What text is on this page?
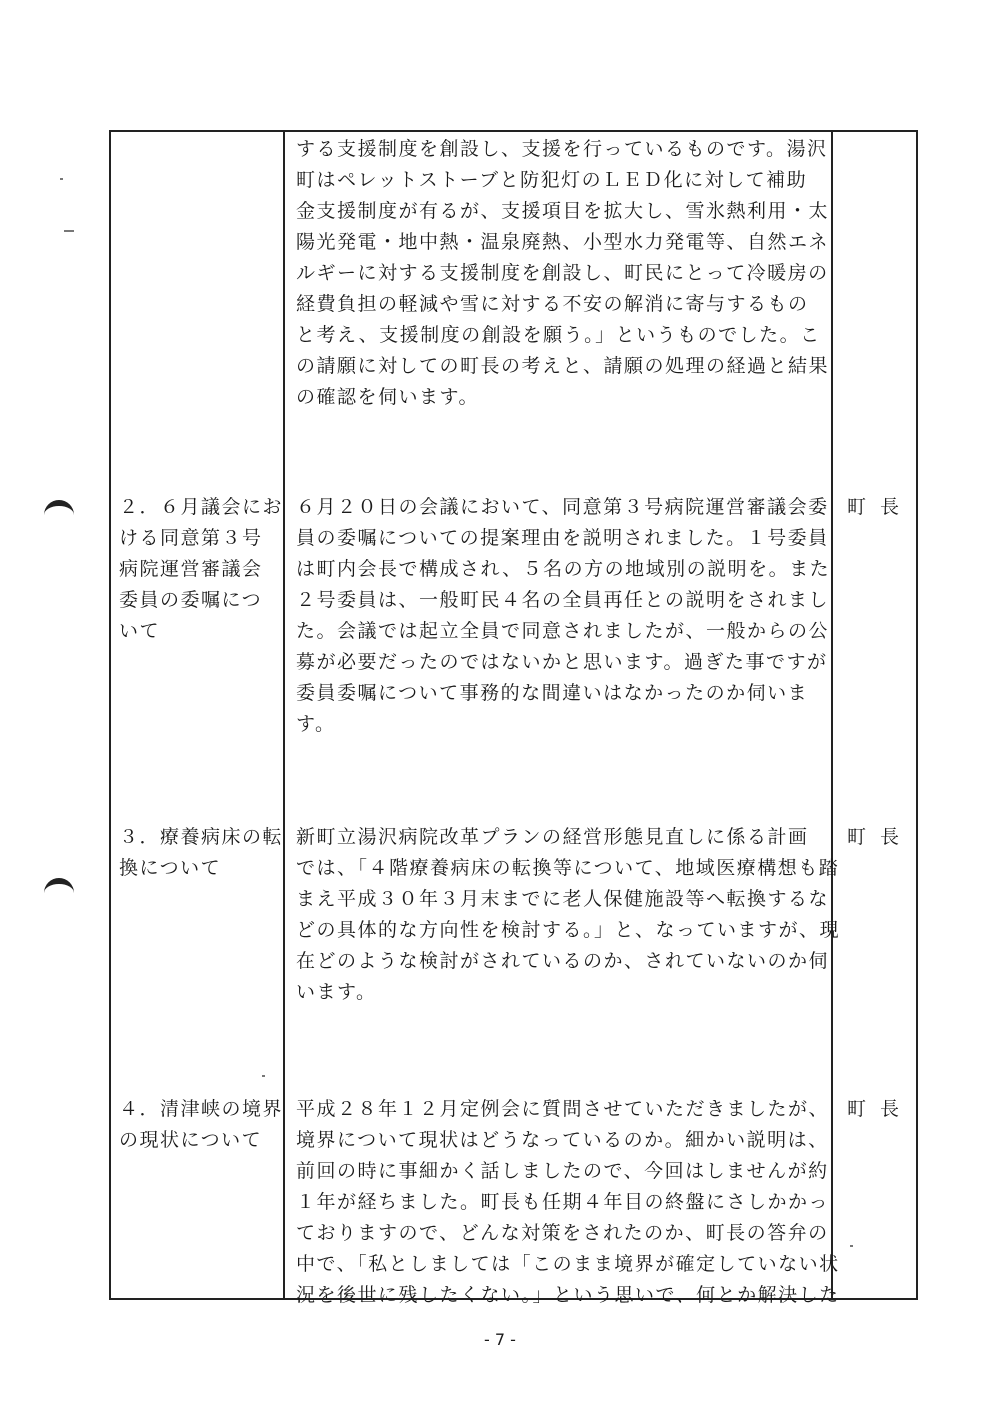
する支援制度を創設し、支援を行っているものです。湯沢
町はペレットストーブと防犯灯のＬＥＤ化に対して補助
金支援制度が有るが、支援項目を拡大し、雪氷熱利用・太
陽光発電・地中熱・温泉廃熱、小型水力発電等、自然エネ
ルギーに対する支援制度を創設し、町民にとって冷暖房の
経費負担の軽減や雪に対する不安の解消に寄与するもの
と考え、支援制度の創設を願う。」というものでした。こ
の請願に対しての町長の考えと、請願の処理の経過と結果
の確認を伺います。
２．６月議会にお
ける同意第３号
病院運営審議会
委員の委嘱につ
いて
６月２０日の会議において、同意第３号病院運営審議会委
員の委嘱についての提案理由を説明されました。１号委員
は町内会長で構成され、５名の方の地域別の説明を。また
２号委員は、一般町民４名の全員再任との説明をされまし
た。会議では起立全員で同意されましたが、一般からの公
募が必要だったのではないかと思います。過ぎた事ですが
委員委嘱について事務的な間違いはなかったのか伺いま
す。
町長
３．療養病床の転
換について
新町立湯沢病院改革プランの経営形態見直しに係る計画
では、「４階療養病床の転換等について、地域医療構想も踏
まえ平成３０年３月末までに老人保健施設等へ転換するな
どの具体的な方向性を検討する。」と、なっていますが、現
在どのような検討がされているのか、されていないのか伺
います。
町長
４．清津峡の境界
の現状について
平成２８年１２月定例会に質問させていただきましたが、
境界について現状はどうなっているのか。細かい説明は、
前回の時に事細かく話しましたので、今回はしませんが約
１年が経ちました。町長も任期４年目の終盤にさしかかっ
ておりますので、どんな対策をされたのか、町長の答弁の
中で、「私としましては「このまま境界が確定していない状
況を後世に残したくない。」という思いで、何とか解決した
町長
- 7 -
